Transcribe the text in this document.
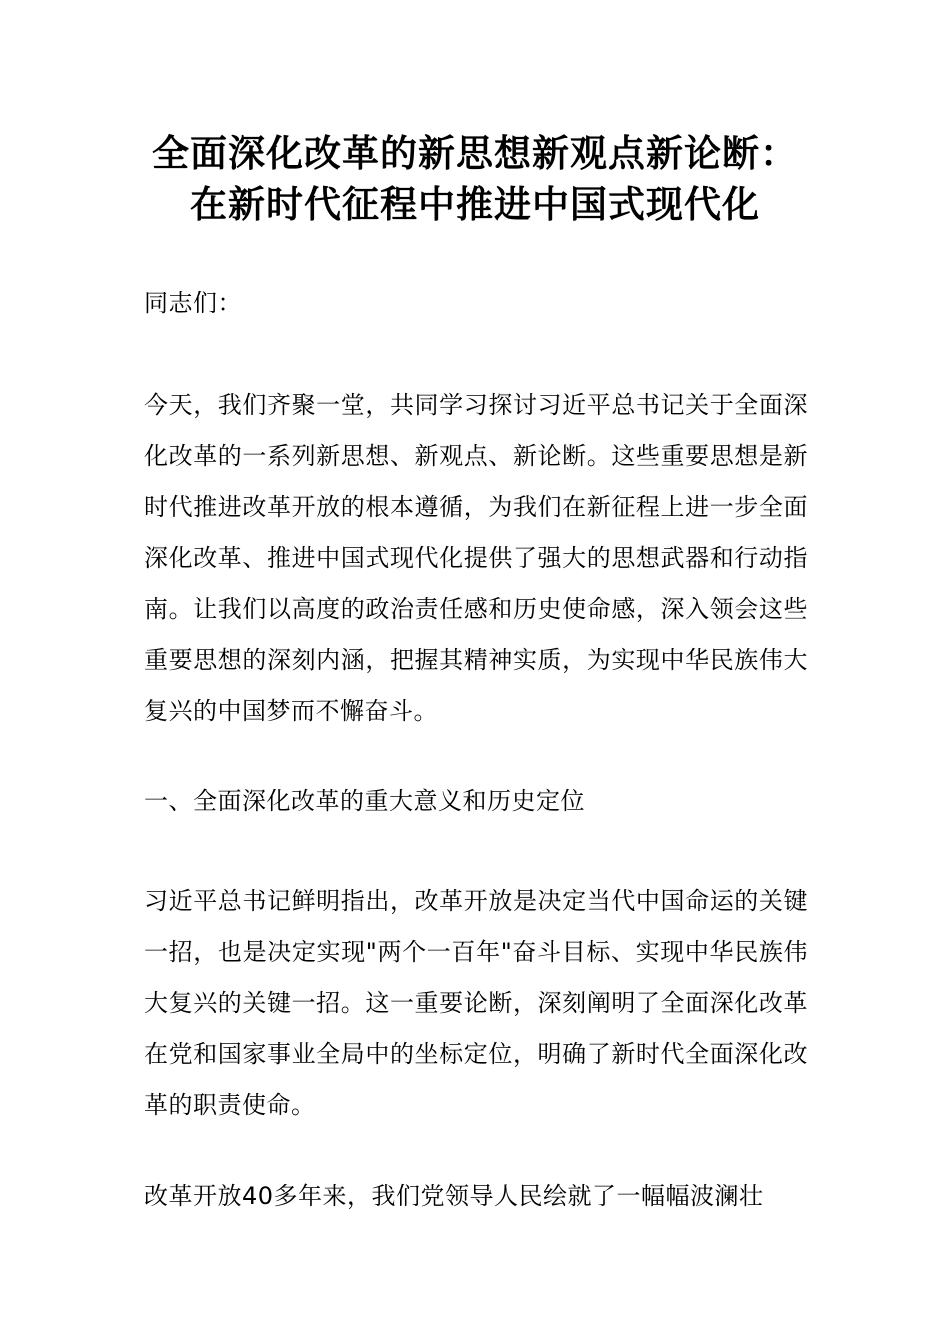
全面深化改革的新思想新观点新论断：
在新时代征程中推进中国式现代化
同志们：
今天，我们齐聚一堂，共同学习探讨习近平总书记关于全面深化改革的一系列新思想、新观点、新论断。这些重要思想是新时代推进改革开放的根本遵循，为我们在新征程上进一步全面深化改革、推进中国式现代化提供了强大的思想武器和行动指南。让我们以高度的政治责任感和历史使命感，深入领会这些重要思想的深刻内涵，把握其精神实质，为实现中华民族伟大复兴的中国梦而不懈奋斗。
一、全面深化改革的重大意义和历史定位
习近平总书记鲜明指出，改革开放是决定当代中国命运的关键一招，也是决定实现"两个一百年"奋斗目标、实现中华民族伟大复兴的关键一招。这一重要论断，深刻阐明了全面深化改革在党和国家事业全局中的坐标定位，明确了新时代全面深化改革的职责使命。
改革开放40多年来，我们党领导人民绘就了一幅幅波澜壮
